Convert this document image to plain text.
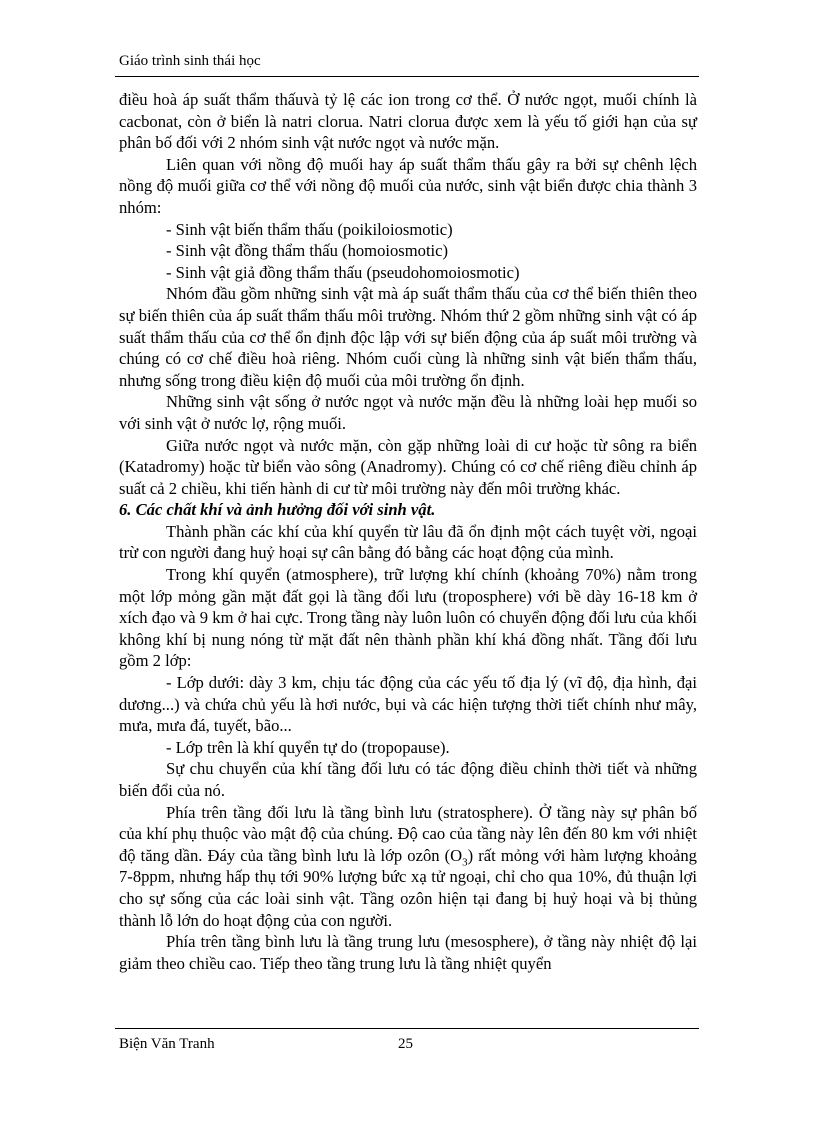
Giáo trình sinh thái học

điều hoà áp suất thẩm thấuvà tỷ lệ các ion trong cơ thể. Ở nước ngọt, muối chính là cacbonat, còn ở biển là natri clorua. Natri clorua được xem là yếu tố giới hạn của sự phân bố đối với 2 nhóm sinh vật nước ngọt và nước mặn.

Liên quan với nồng độ muối hay áp suất thẩm thấu gây ra bởi sự chênh lệch nồng độ muối giữa cơ thể với nồng độ muối của nước, sinh vật biển được chia thành 3 nhóm:

- Sinh vật biến thẩm thấu (poikiloiosmotic)

- Sinh vật đồng thẩm thấu (homoiosmotic)

- Sinh vật giả đồng thẩm thấu (pseudohomoiosmotic)

Nhóm đầu gồm những sinh vật mà áp suất thẩm thấu của cơ thể biến thiên theo sự biến thiên của áp suất thẩm thấu môi trường. Nhóm thứ 2 gồm những sinh vật có áp suất thẩm thấu của cơ thể ổn định độc lập với sự biến động của áp suất môi trường và chúng có cơ chế điều hoà riêng. Nhóm cuối cùng là những sinh vật biến thẩm thấu, nhưng sống trong điều kiện độ muối của môi trường ổn định.

Những sinh vật sống ở nước ngọt và nước mặn đều là những loài hẹp muối so với sinh vật ở nước lợ, rộng muối.

Giữa nước ngọt và nước mặn, còn gặp những loài di cư hoặc từ sông ra biển (Katadromy) hoặc từ biển vào sông (Anadromy). Chúng có cơ chế riêng điều chỉnh áp suất cả 2 chiều, khi tiến hành di cư từ môi trường này đến môi trường khác.

6. Các chất khí và ảnh hưởng đối với sinh vật.

Thành phần các khí của khí quyển từ lâu đã ổn định một cách tuyệt vời, ngoại trừ con người đang huỷ hoại sự cân bằng đó bằng các hoạt động của mình.

Trong khí quyển (atmosphere), trữ lượng khí chính (khoảng 70%) nằm trong một lớp mỏng gần mặt đất gọi là tầng đối lưu (troposphere) với bề dày 16-18 km ở xích đạo và 9 km ở hai cực. Trong tầng này luôn luôn có chuyển động đối lưu của khối không khí bị nung nóng từ mặt đất nên thành phần khí khá đồng nhất. Tầng đối lưu gồm 2 lớp:

- Lớp dưới: dày 3 km, chịu tác động của các yếu tố địa lý (vĩ độ, địa hình, đại dương...) và chứa chủ yếu là hơi nước, bụi và các hiện tượng thời tiết chính như mây, mưa, mưa đá, tuyết, bão...

- Lớp trên là khí quyển tự do (tropopause).

Sự chu chuyển của khí tầng đối lưu có tác động điều chỉnh thời tiết và những biến đổi của nó.

Phía trên tầng đối lưu là tầng bình lưu (stratosphere). Ở tầng này sự phân bố của khí phụ thuộc vào mật độ của chúng. Độ cao của tầng này lên đến 80 km với nhiệt độ tăng dần. Đáy của tầng bình lưu là lớp ozôn $(O_3)$ rất mỏng với hàm lượng khoảng 7-8ppm, nhưng hấp thụ tới 90% lượng bức xạ tử ngoại, chỉ cho qua 10%, đủ thuận lợi cho sự sống của các loài sinh vật. Tầng ozôn hiện tại đang bị huỷ hoại và bị thủng thành lỗ lớn do hoạt động của con người.

Phía trên tầng bình lưu là tầng trung lưu (mesosphere), ở tầng này nhiệt độ lại giảm theo chiều cao. Tiếp theo tầng trung lưu là tầng nhiệt quyển

Biện Văn Tranh	25
